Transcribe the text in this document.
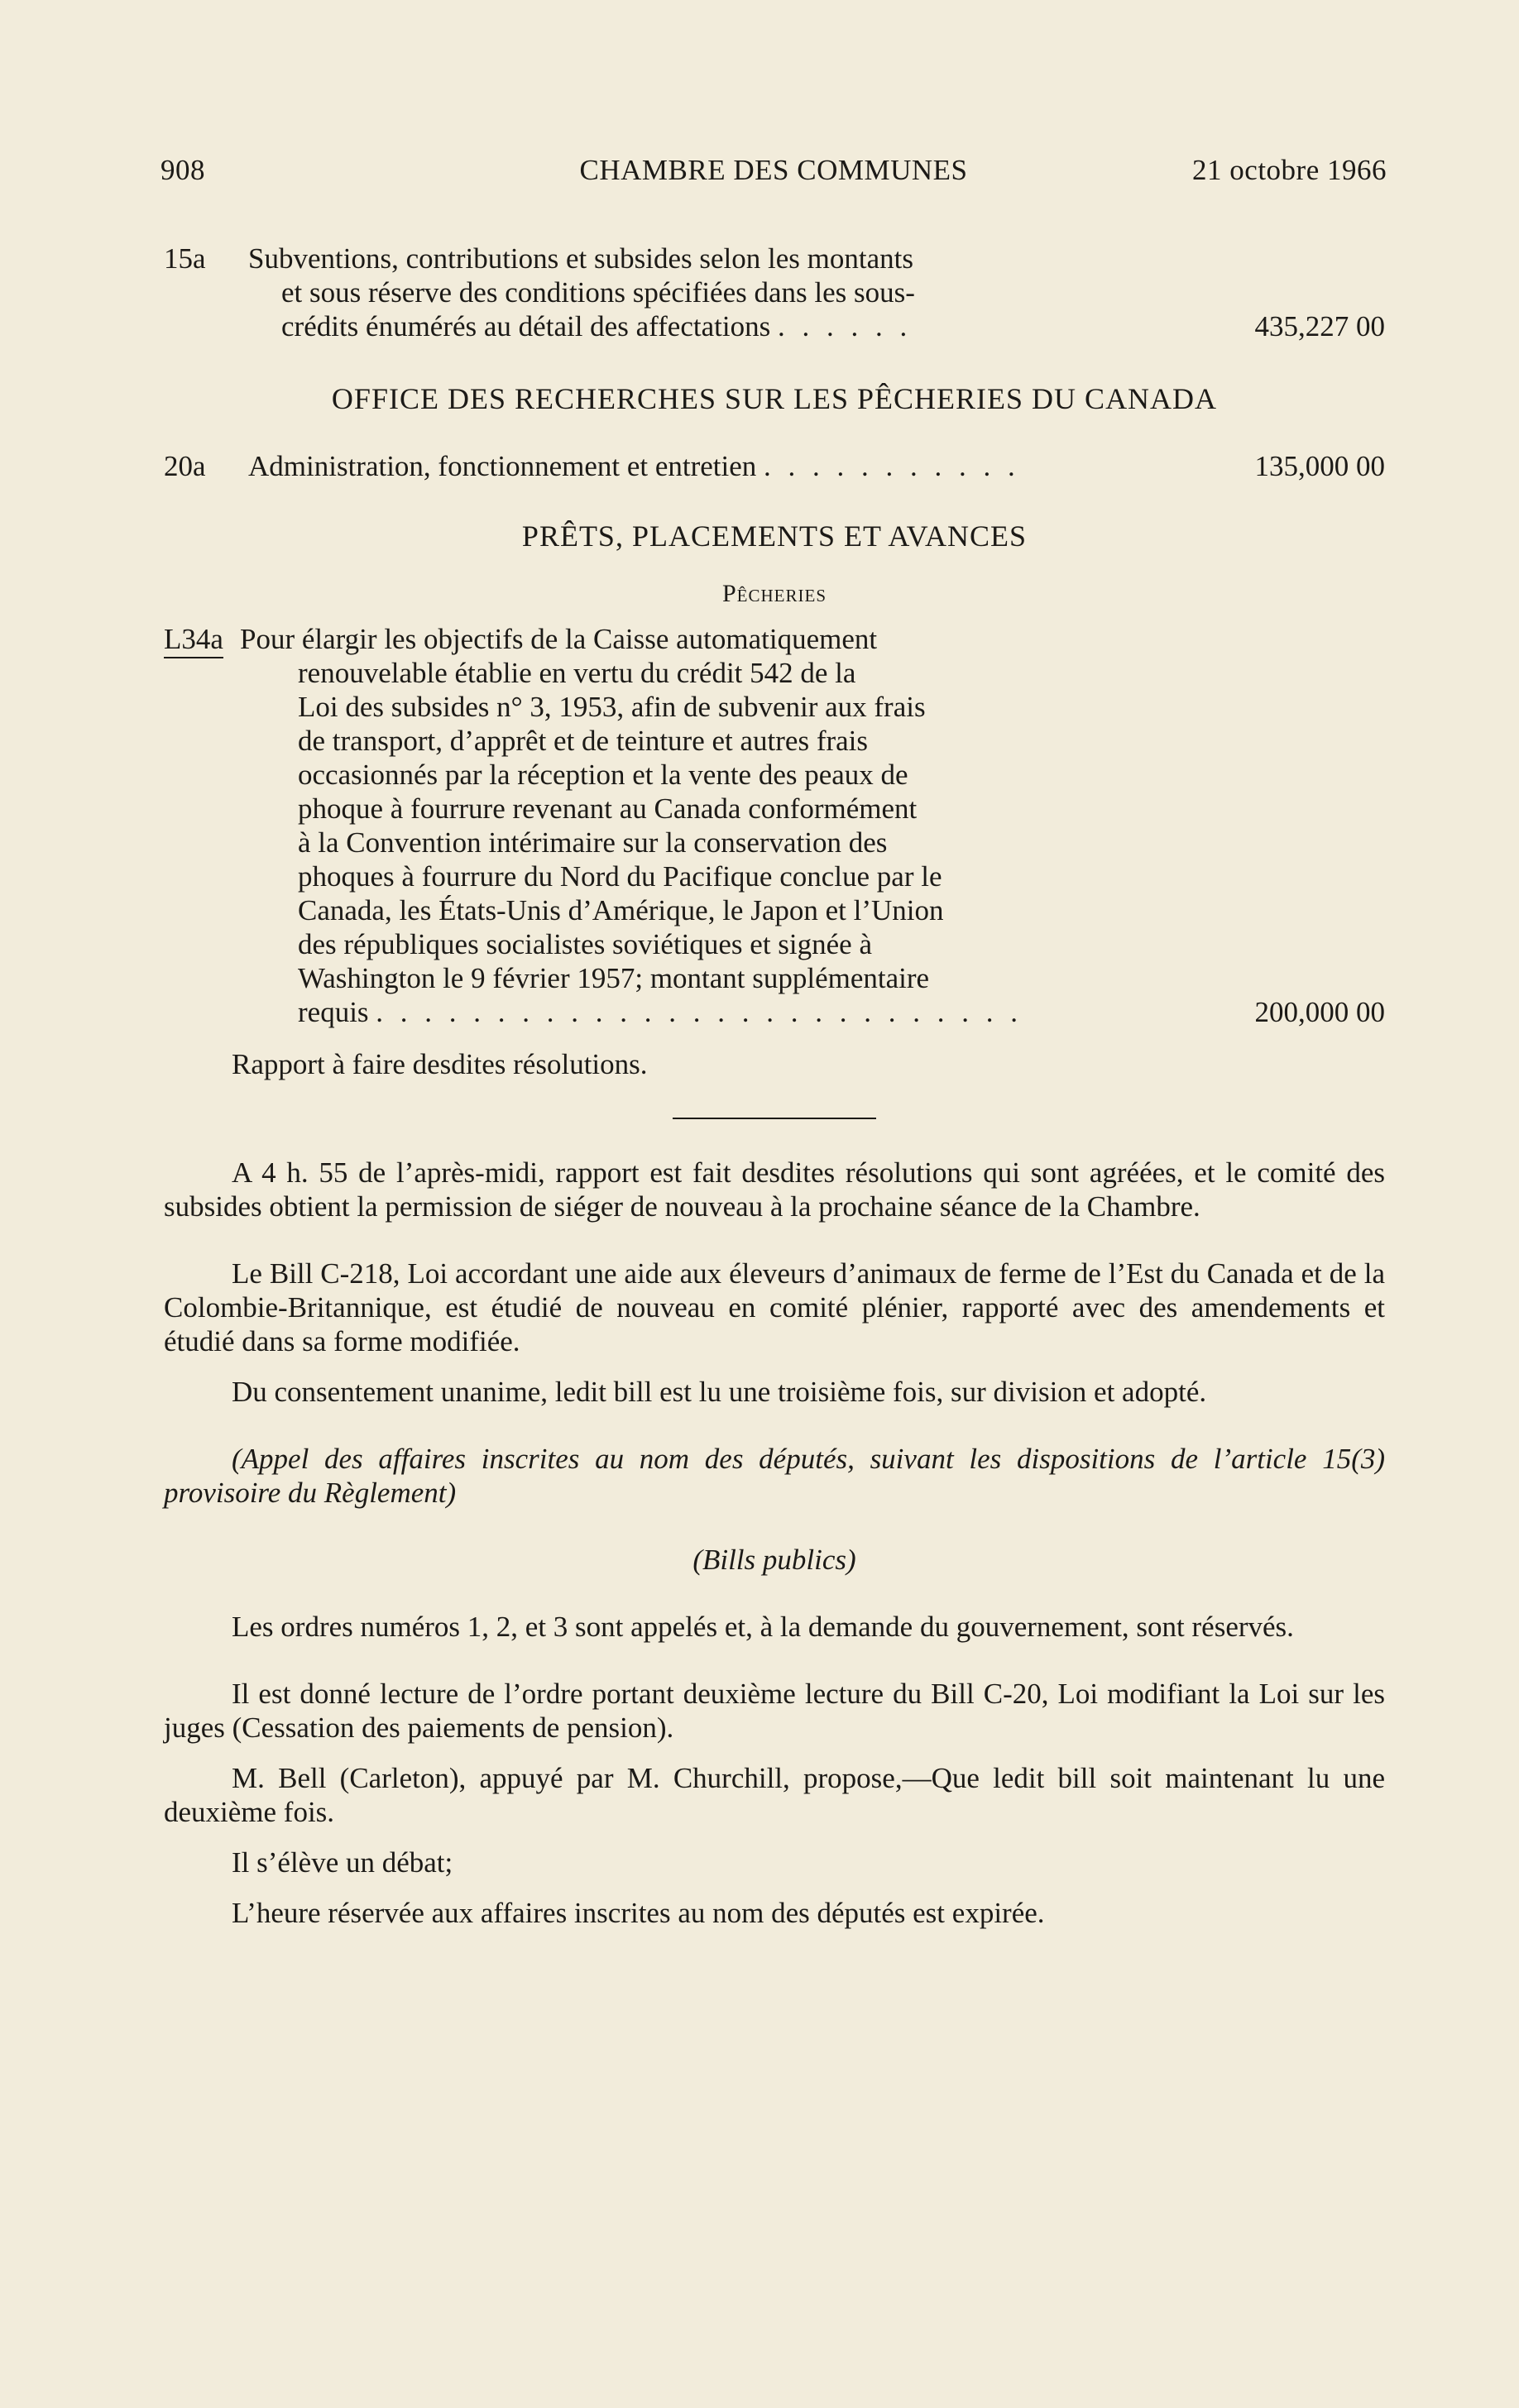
908	CHAMBRE DES COMMUNES	21 octobre 1966
15a	Subventions, contributions et subsides selon les montants
et sous réserve des conditions spécifiées dans les sous-
crédits énumérés au détail des affectations . . . . . .	435,227 00
OFFICE DES RECHERCHES SUR LES PÊCHERIES DU CANADA
20a	Administration, fonctionnement et entretien . . . . . . . . . . .	135,000 00
PRÊTS, PLACEMENTS ET AVANCES
Pêcheries
L34a Pour élargir les objectifs de la Caisse automatiquement
renouvelable établie en vertu du crédit 542 de la
Loi des subsides n° 3, 1953, afin de subvenir aux frais
de transport, d’apprêt et de teinture et autres frais
occasionnés par la réception et la vente des peaux de
phoque à fourrure revenant au Canada conformément
à la Convention intérimaire sur la conservation des
phoques à fourrure du Nord du Pacifique conclue par le
Canada, les États-Unis d’Amérique, le Japon et l’Union
des républiques socialistes soviétiques et signée à
Washington le 9 février 1957; montant supplémentaire
requis . . . . . . . . . . . . . . . . . . . . . . . . . . .	200,000 00
Rapport à faire desdites résolutions.

A 4 h. 55 de l’après-midi, rapport est fait desdites résolutions qui sont agréées, et le comité des subsides obtient la permission de siéger de nouveau à la prochaine séance de la Chambre.

Le Bill C-218, Loi accordant une aide aux éleveurs d’animaux de ferme de l’Est du Canada et de la Colombie-Britannique, est étudié de nouveau en comité plénier, rapporté avec des amendements et étudié dans sa forme modifiée.

Du consentement unanime, ledit bill est lu une troisième fois, sur division et adopté.

(Appel des affaires inscrites au nom des députés, suivant les dispositions de l’article 15(3) provisoire du Règlement)

(Bills publics)

Les ordres numéros 1, 2, et 3 sont appelés et, à la demande du gouvernement, sont réservés.

Il est donné lecture de l’ordre portant deuxième lecture du Bill C-20, Loi modifiant la Loi sur les juges (Cessation des paiements de pension).

M. Bell (Carleton), appuyé par M. Churchill, propose,—Que ledit bill soit maintenant lu une deuxième fois.

Il s’élève un débat;

L’heure réservée aux affaires inscrites au nom des députés est expirée.
